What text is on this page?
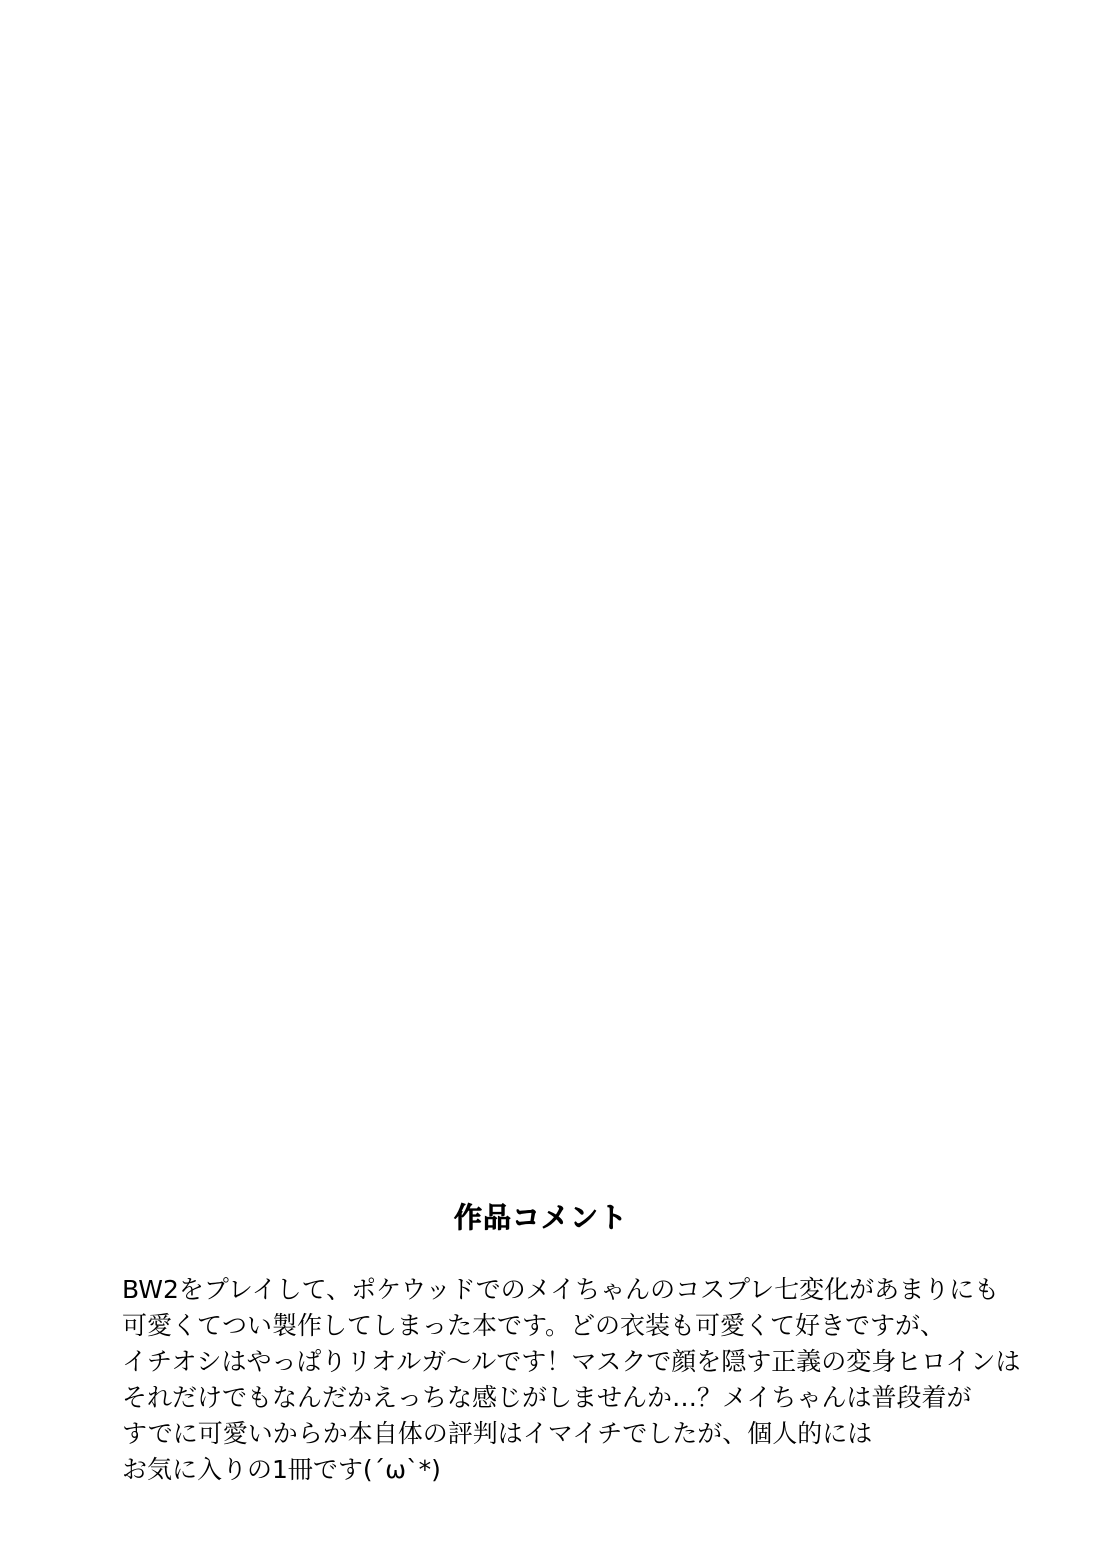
作品コメント
BW2をプレイして、ポケウッドでのメイちゃんのコスプレ七変化があまりにも
可愛くてつい製作してしまった本です。どの衣装も可愛くて好きですが、
イチオシはやっぱりリオルガ～ルです！マスクで顔を隠す正義の変身ヒロインは
それだけでもなんだかえっちな感じがしませんか…？メイちゃんは普段着が
すでに可愛いからか本自体の評判はイマイチでしたが、個人的には
お気に入りの1冊です(´ω`*)
